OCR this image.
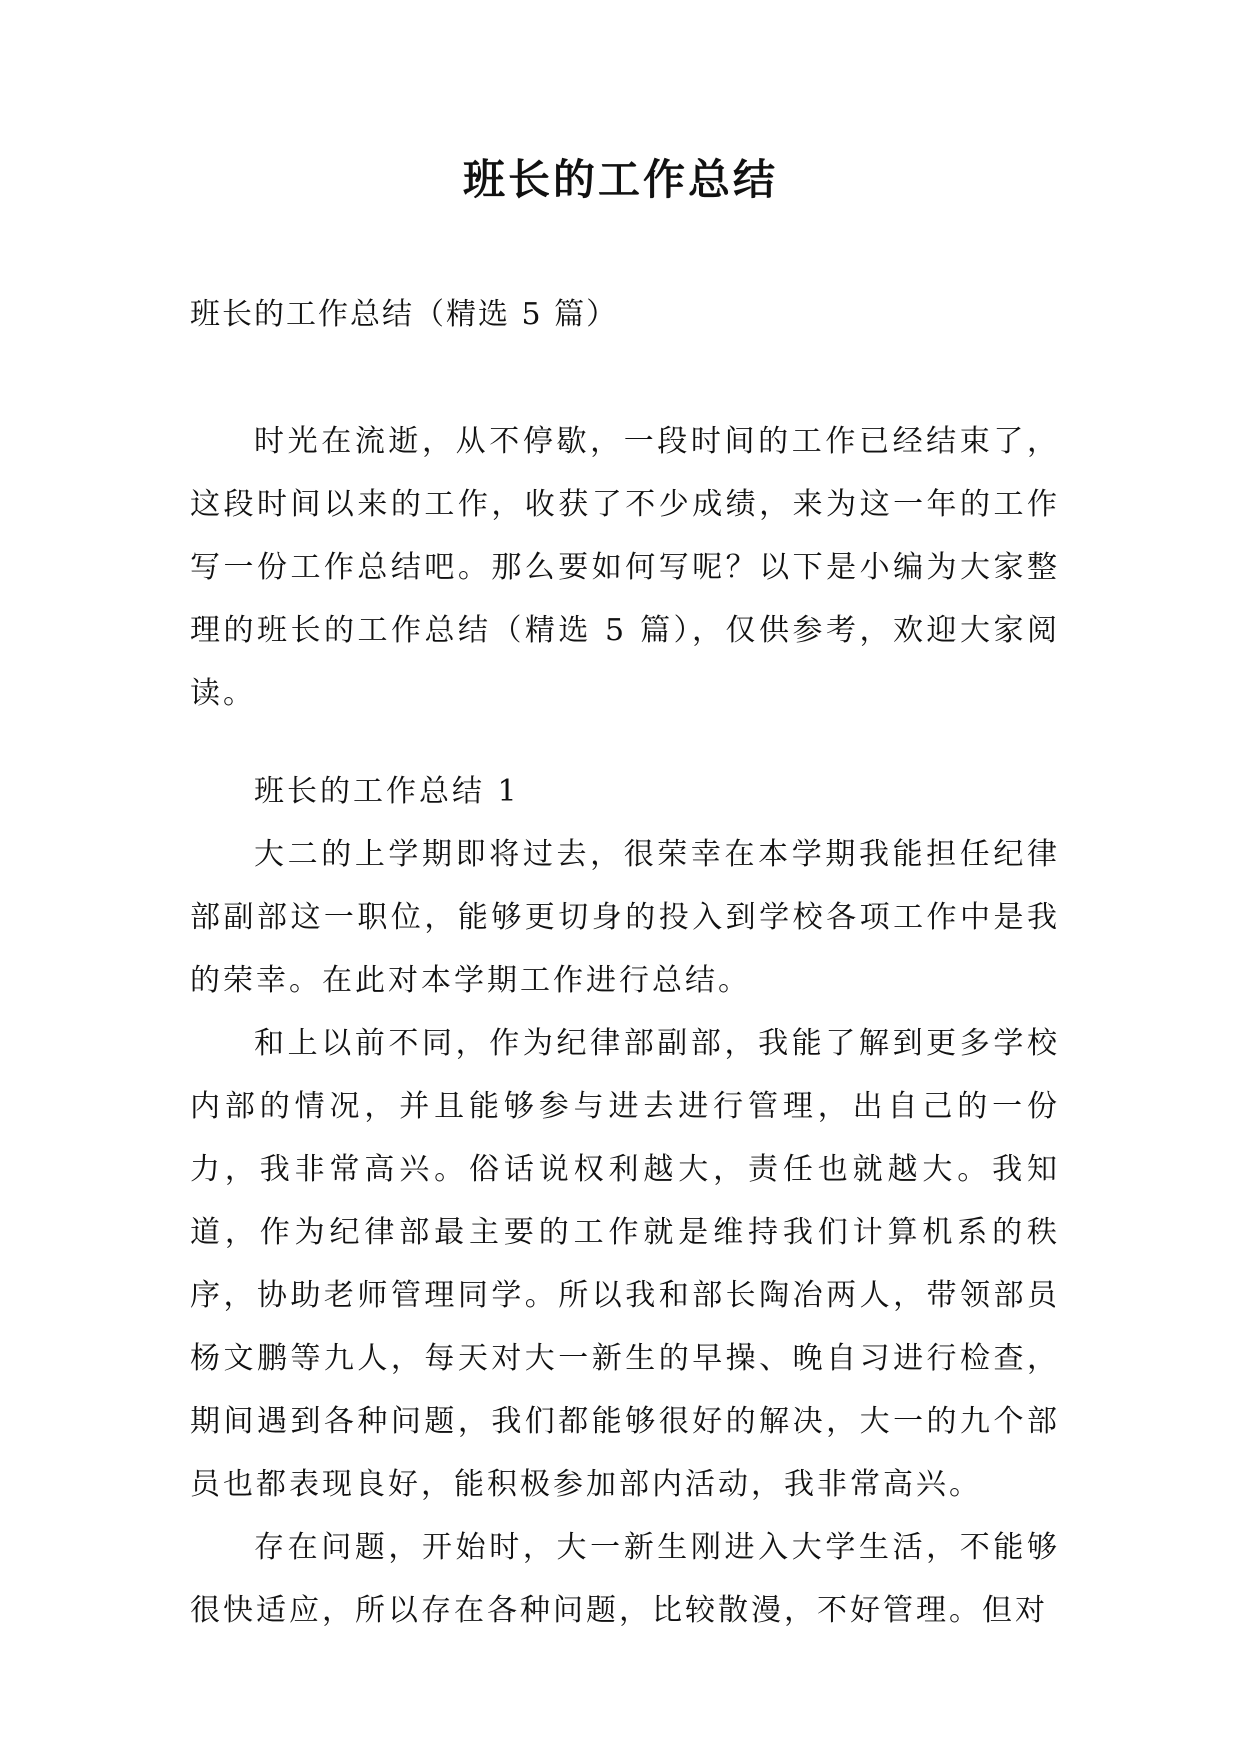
班长的工作总结

班长的工作总结（精选 5 篇）

时光在流逝，从不停歇，一段时间的工作已经结束了，这段时间以来的工作，收获了不少成绩，来为这一年的工作写一份工作总结吧。那么要如何写呢？以下是小编为大家整理的班长的工作总结（精选 5 篇），仅供参考，欢迎大家阅读。

班长的工作总结 1

大二的上学期即将过去，很荣幸在本学期我能担任纪律部副部这一职位，能够更切身的投入到学校各项工作中是我的荣幸。在此对本学期工作进行总结。

和上以前不同，作为纪律部副部，我能了解到更多学校内部的情况，并且能够参与进去进行管理，出自己的一份力，我非常高兴。俗话说权利越大，责任也就越大。我知道，作为纪律部最主要的工作就是维持我们计算机系的秩序，协助老师管理同学。所以我和部长陶冶两人，带领部员杨文鹏等九人，每天对大一新生的早操、晚自习进行检查，期间遇到各种问题，我们都能够很好的解决，大一的九个部员也都表现良好，能积极参加部内活动，我非常高兴。

存在问题，开始时，大一新生刚进入大学生活，不能够很快适应，所以存在各种问题，比较散漫，不好管理。但对
